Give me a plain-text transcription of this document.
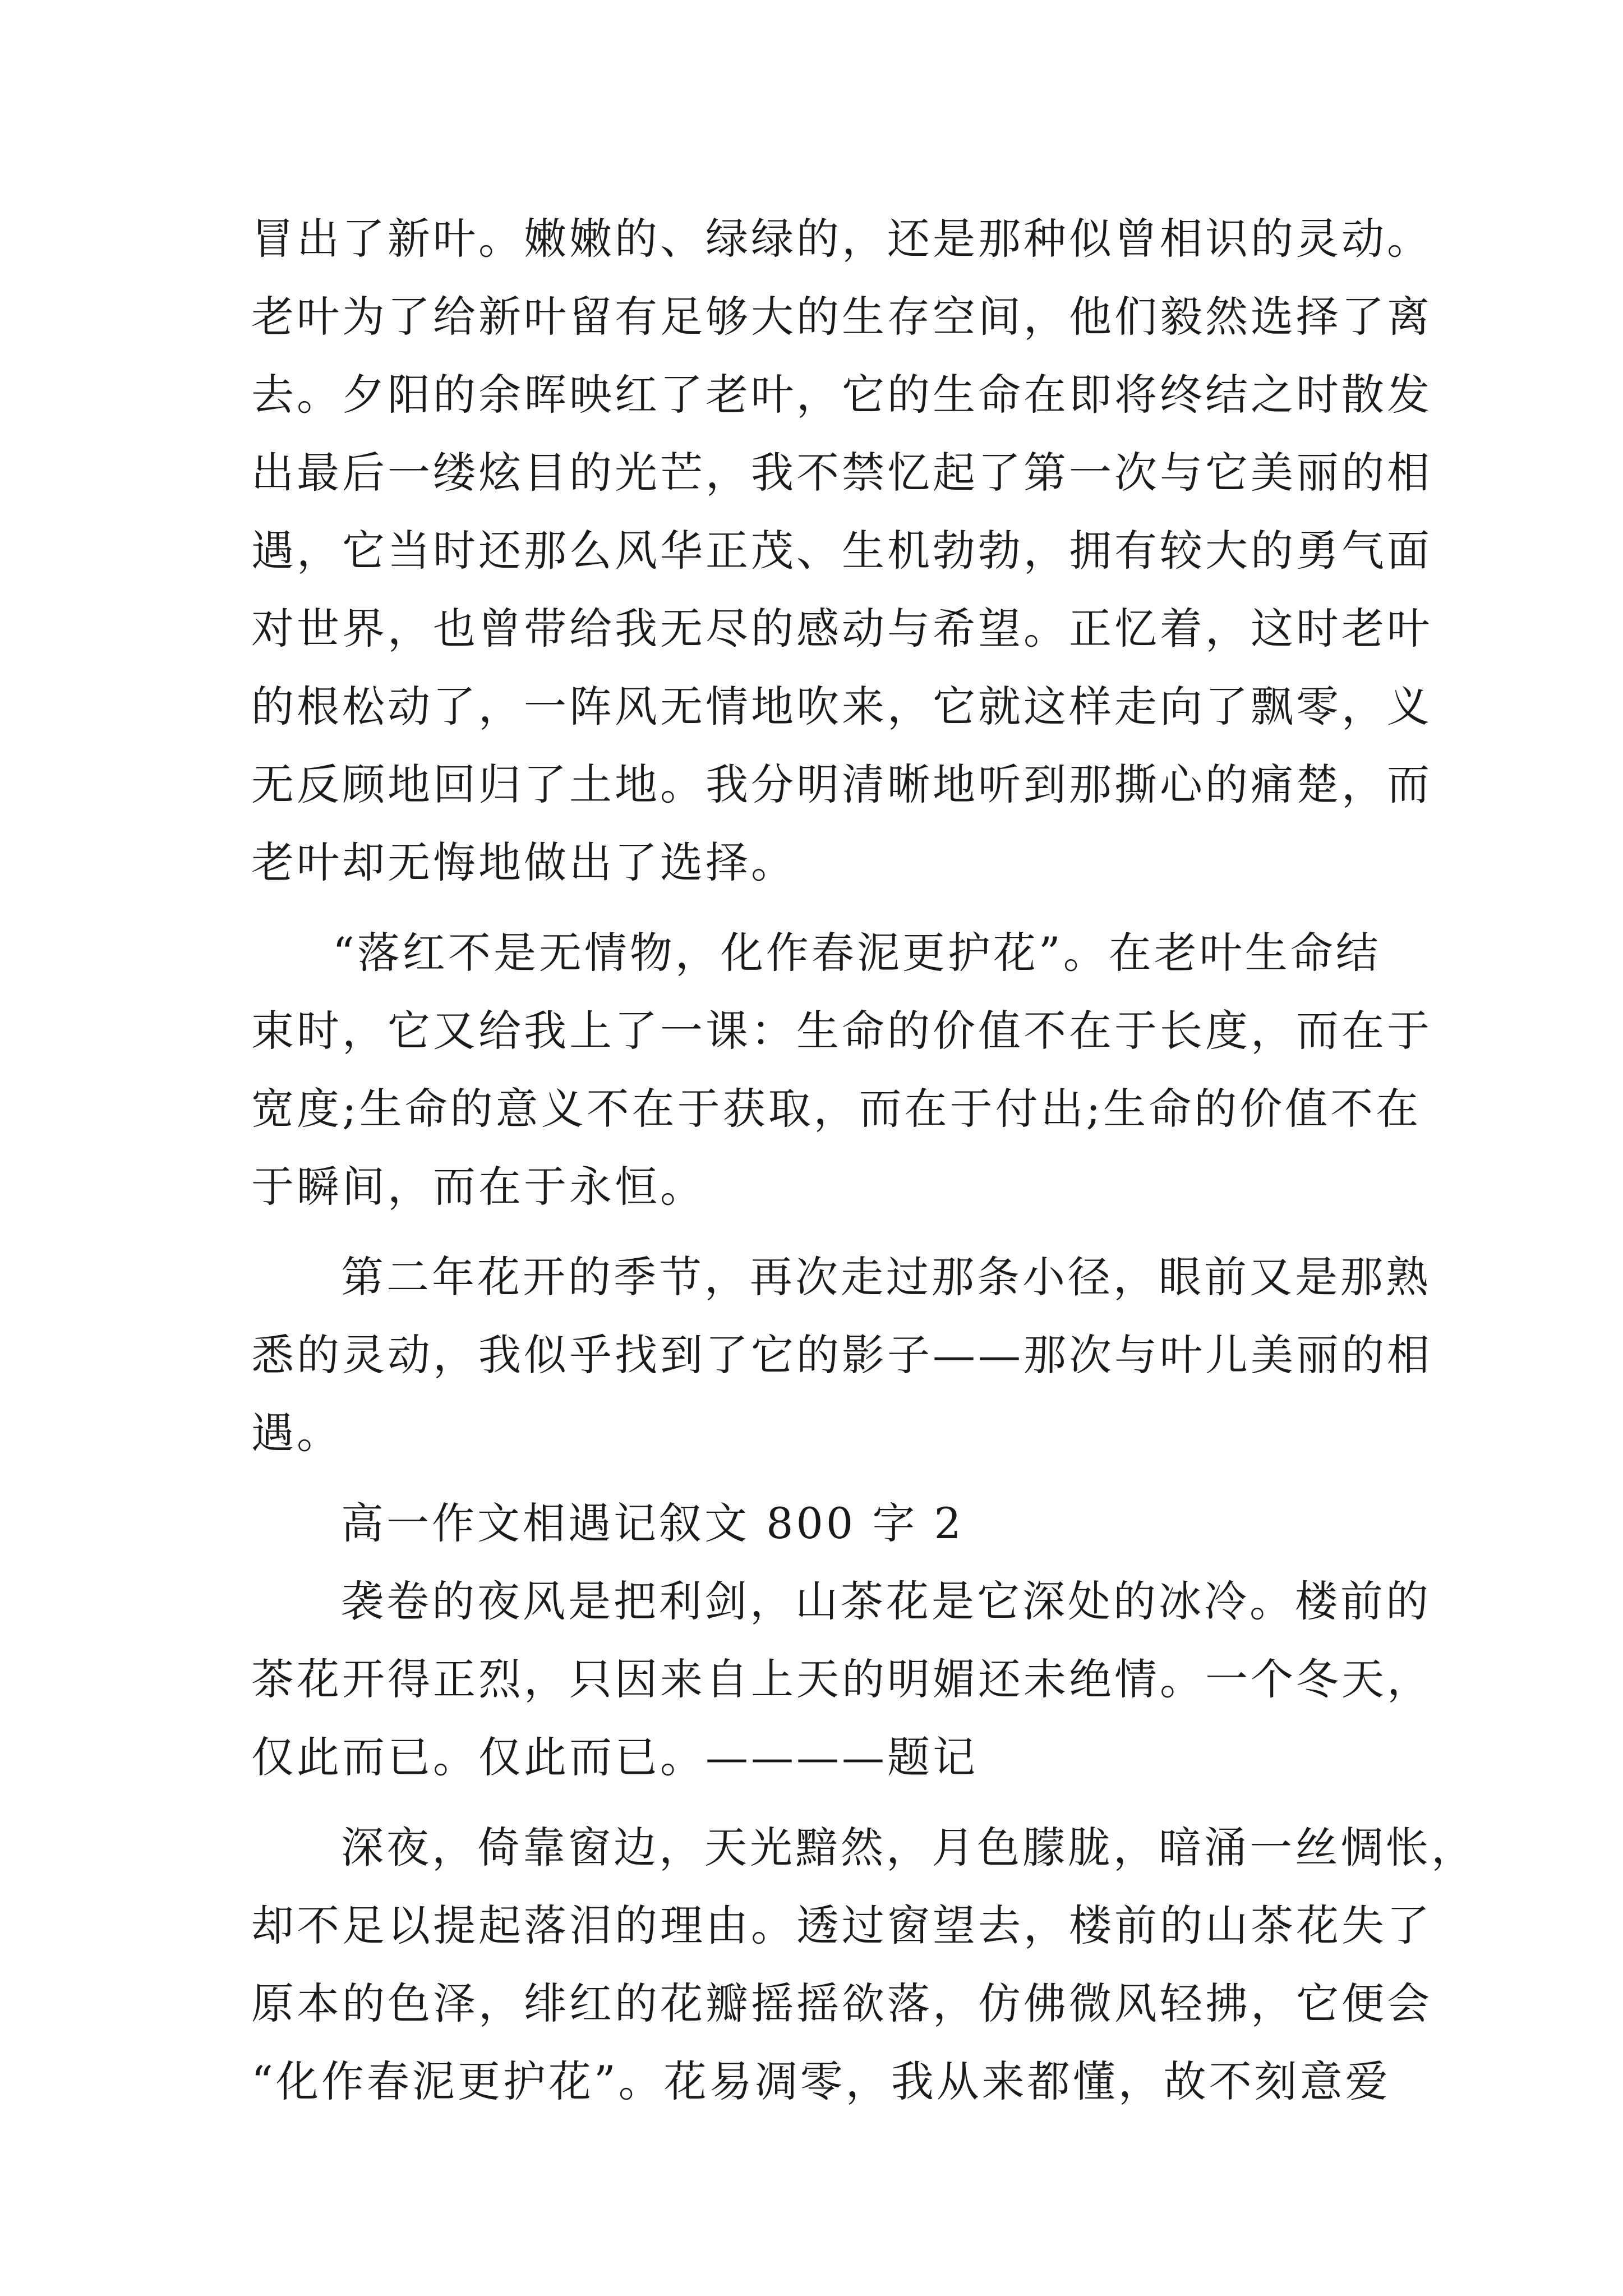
冒出了新叶。嫩嫩的、绿绿的，还是那种似曾相识的灵动。
老叶为了给新叶留有足够大的生存空间，他们毅然选择了离
去。夕阳的余晖映红了老叶，它的生命在即将终结之时散发
出最后一缕炫目的光芒，我不禁忆起了第一次与它美丽的相
遇，它当时还那么风华正茂、生机勃勃，拥有较大的勇气面
对世界，也曾带给我无尽的感动与希望。正忆着，这时老叶
的根松动了，一阵风无情地吹来，它就这样走向了飘零，义
无反顾地回归了土地。我分明清晰地听到那撕心的痛楚，而
老叶却无悔地做出了选择。
“落红不是无情物，化作春泥更护花”。在老叶生命结
束时，它又给我上了一课：生命的价值不在于长度，而在于
宽度;生命的意义不在于获取，而在于付出;生命的价值不在
于瞬间，而在于永恒。
第二年花开的季节，再次走过那条小径，眼前又是那熟
悉的灵动，我似乎找到了它的影子——那次与叶儿美丽的相
遇。
高一作文相遇记叙文 800 字 2
袭卷的夜风是把利剑，山茶花是它深处的冰冷。楼前的
茶花开得正烈，只因来自上天的明媚还未绝情。一个冬天，
仅此而已。仅此而已。————题记
深夜，倚靠窗边，天光黯然，月色朦胧，暗涌一丝惆怅，
却不足以提起落泪的理由。透过窗望去，楼前的山茶花失了
原本的色泽，绯红的花瓣摇摇欲落，仿佛微风轻拂，它便会
“化作春泥更护花”。花易凋零，我从来都懂，故不刻意爱
